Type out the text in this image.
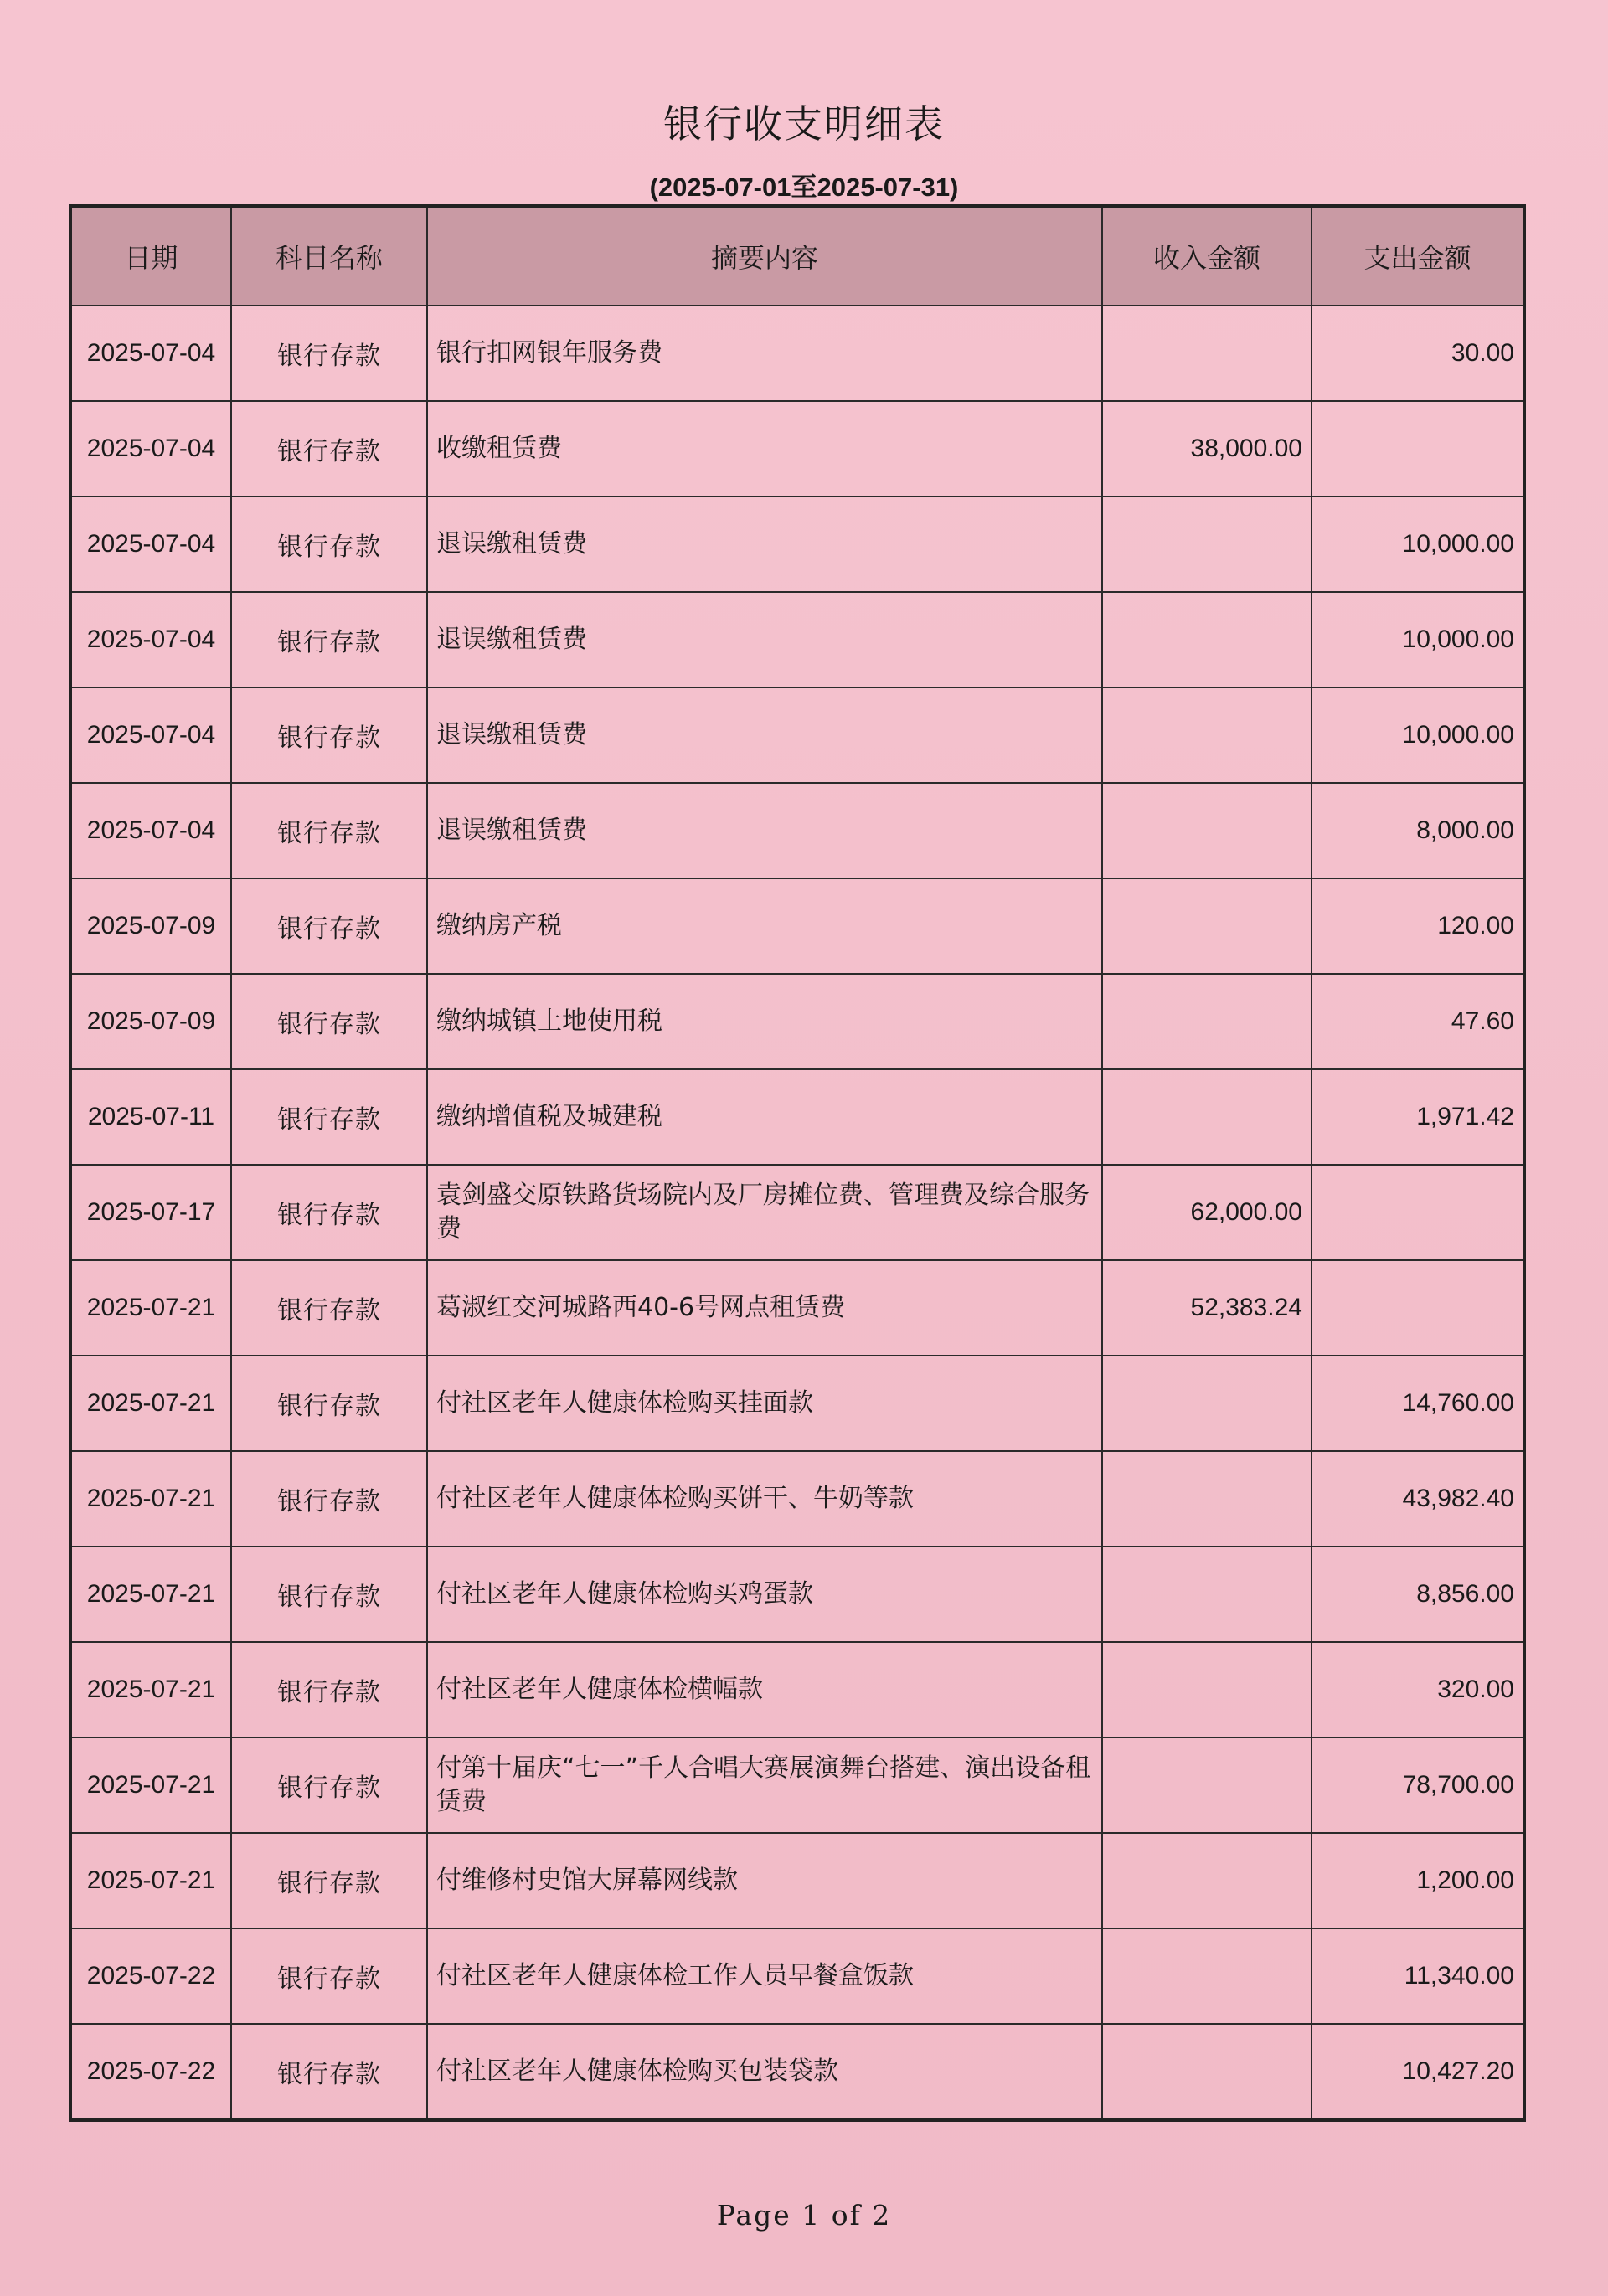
银行收支明细表
(2025-07-01至2025-07-31)
日期	科目名称	摘要内容	收入金额	支出金额
2025-07-04	银行存款	银行扣网银年服务费		30.00
2025-07-04	银行存款	收缴租赁费	38,000.00	
2025-07-04	银行存款	退误缴租赁费		10,000.00
2025-07-04	银行存款	退误缴租赁费		10,000.00
2025-07-04	银行存款	退误缴租赁费		10,000.00
2025-07-04	银行存款	退误缴租赁费		8,000.00
2025-07-09	银行存款	缴纳房产税		120.00
2025-07-09	银行存款	缴纳城镇土地使用税		47.60
2025-07-11	银行存款	缴纳增值税及城建税		1,971.42
2025-07-17	银行存款	袁剑盛交原铁路货场院内及厂房摊位费、管理费及综合服务费	62,000.00	
2025-07-21	银行存款	葛淑红交河城路西40-6号网点租赁费	52,383.24	
2025-07-21	银行存款	付社区老年人健康体检购买挂面款		14,760.00
2025-07-21	银行存款	付社区老年人健康体检购买饼干、牛奶等款		43,982.40
2025-07-21	银行存款	付社区老年人健康体检购买鸡蛋款		8,856.00
2025-07-21	银行存款	付社区老年人健康体检横幅款		320.00
2025-07-21	银行存款	付第十届庆“七一”千人合唱大赛展演舞台搭建、演出设备租赁费		78,700.00
2025-07-21	银行存款	付维修村史馆大屏幕网线款		1,200.00
2025-07-22	银行存款	付社区老年人健康体检工作人员早餐盒饭款		11,340.00
2025-07-22	银行存款	付社区老年人健康体检购买包装袋款		10,427.20
Page 1 of 2
